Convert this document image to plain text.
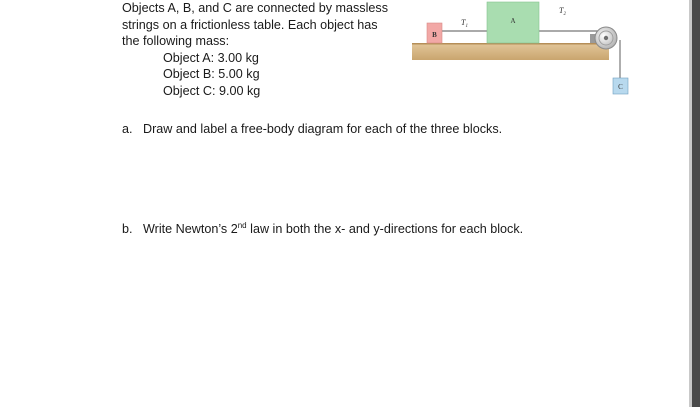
Objects A, B, and C are connected by massless

strings on a frictionless table. Each object has

the following mass:

Object A: 3.00 kg
Object B: 5.00 kg
Object C: 9.00 kg
B
A
$T_1$
$T_2$
C
a. Draw and label a free-body diagram for each of the three blocks.
b. Write Newton’s 2nd law in both the x- and y-directions for each block.
